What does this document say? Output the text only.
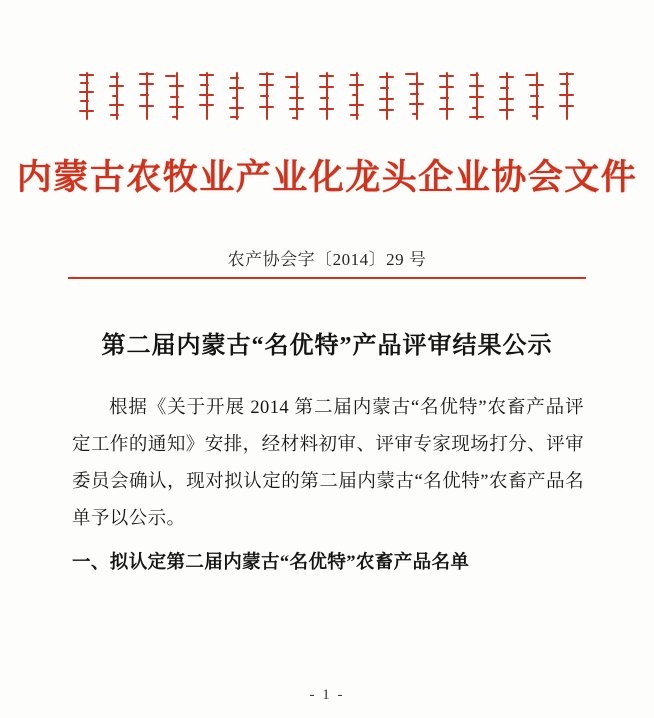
内蒙古农牧业产业化龙头企业协会文件
农产协会字〔2014〕29 号
第二届内蒙古“名优特”产品评审结果公示
根据《关于开展 2014 第二届内蒙古“名优特”农畜产品评定工作的通知》安排，经材料初审、评审专家现场打分、评审委员会确认，现对拟认定的第二届内蒙古“名优特”农畜产品名单予以公示。
一、拟认定第二届内蒙古“名优特”农畜产品名单
- 1 -
